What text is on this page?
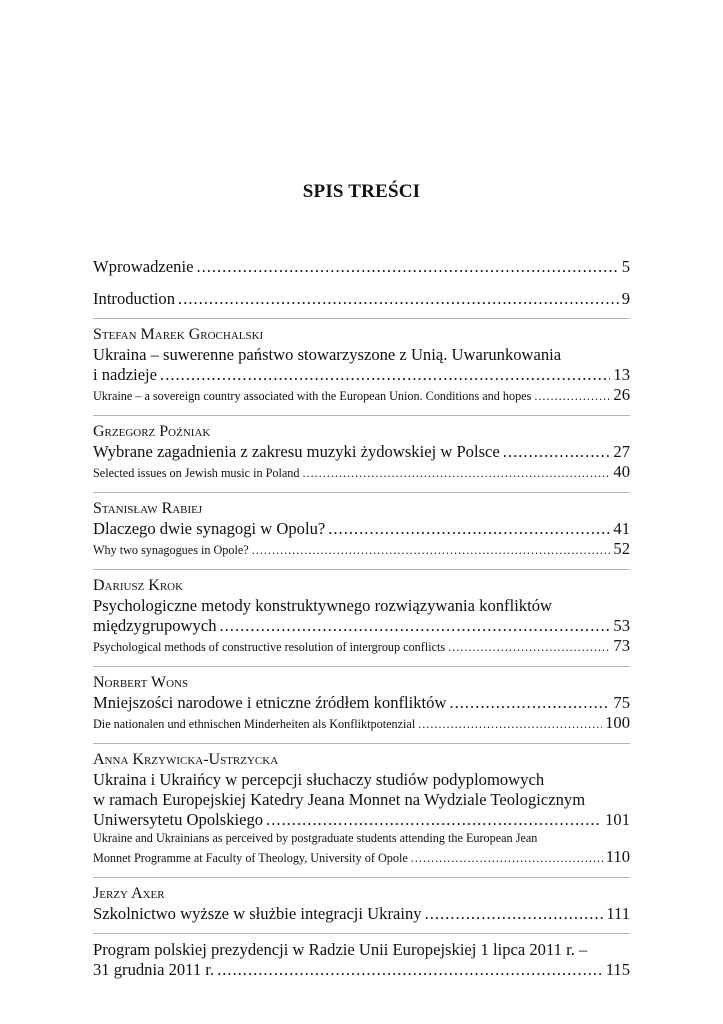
SPIS TREŚCI
Wprowadzenie .....	5
Introduction .....	9
Stefan Marek Grochalski
Ukraina – suwerenne państwo stowarzyszone z Unią. Uwarunkowania
i nadzieje .....	13
Ukraine – a sovereign country associated with the European Union. Conditions and hopes .....	26
Grzegorz Poźniak
Wybrane zagadnienia z zakresu muzyki żydowskiej w Polsce .....	27
Selected issues on Jewish music in Poland .....	40
Stanisław Rabiej
Dlaczego dwie synagogi w Opolu? .....	41
Why two synagogues in Opole? .....	52
Dariusz Krok
Psychologiczne metody konstruktywnego rozwiązywania konfliktów
międzygrupowych .....	53
Psychological methods of constructive resolution of intergroup conflicts .....	73
Norbert Wons
Mniejszości narodowe i etniczne źródłem konfliktów .....	75
Die nationalen und ethnischen Minderheiten als Konfliktpotenzial .....	100
Anna Krzywicka-Ustrzycka
Ukraina i Ukraińcy w percepcji słuchaczy studiów podyplomowych
w ramach Europejskiej Katedry Jeana Monnet na Wydziale Teologicznym
Uniwersytetu Opolskiego .....	101
Ukraine and Ukrainians as perceived by postgraduate students attending the European Jean
Monnet Programme at Faculty of Theology, University of Opole .....	110
Jerzy Axer
Szkolnictwo wyższe w służbie integracji Ukrainy .....	111
Program polskiej prezydencji w Radzie Unii Europejskiej 1 lipca 2011 r. –
31 grudnia 2011 r. .....	115
